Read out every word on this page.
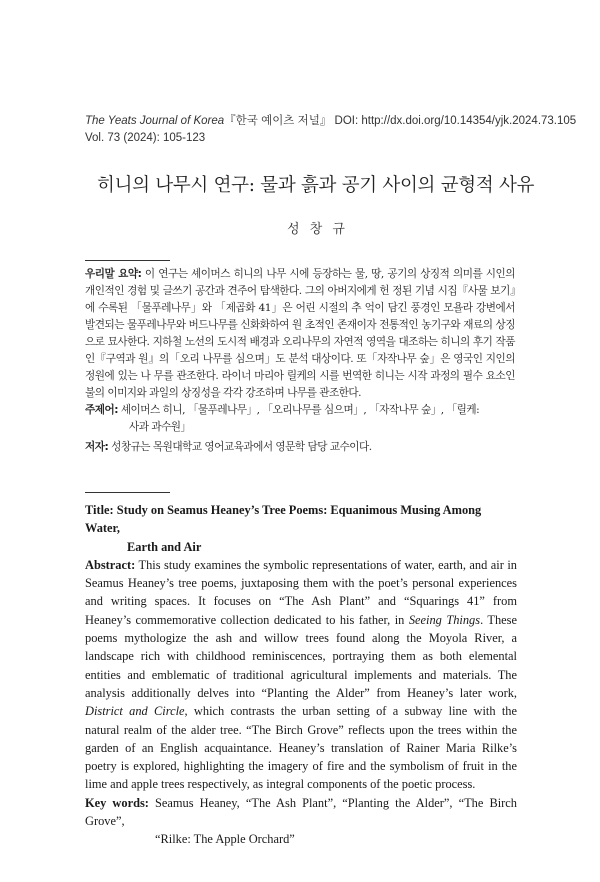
The Yeats Journal of Korea『한국 예이츠 저널』 DOI: http://dx.doi.org/10.14354/yjk.2024.73.105
Vol. 73 (2024): 105-123
히니의 나무시 연구: 물과 흙과 공기 사이의 균형적 사유
성 창 규

우리말 요약: 이 연구는 셰이머스 히니의 나무 시에 등장하는 물, 땅, 공기의 상징적 의미를 시인의 개인적인 경험 및 글쓰기 공간과 견주어 탐색한다. 그의 아버지에게 헌 정된 기념 시집『사물 보기』에 수록된 「물푸레나무」와 「제곱화 41」은 어린 시절의 추 억이 담긴 풍경인 모욜라 강변에서 발견되는 물푸레나무와 버드나무를 신화화하여 원 초적인 존재이자 전통적인 농기구와 재료의 상징으로 묘사한다. 지하철 노선의 도시적 배경과 오리나무의 자연적 영역을 대조하는 히니의 후기 작품인『구역과 원』의「오리 나무를 심으며」도 분석 대상이다. 또「자작나무 숲」은 영국인 지인의 정원에 있는 나 무를 관조한다. 라이너 마리아 릴케의 시를 번역한 히니는 시작 과정의 필수 요소인 불의 이미지와 과일의 상징성을 각각 강조하며 나무를 관조한다.

주제어: 셰이머스 히니, 「물푸레나무」, 「오리나무를 심으며」, 「자작나무 숲」, 「릴케:
사과 과수원」

저자: 성창규는 목원대학교 영어교육과에서 영문학 담당 교수이다.

Title: Study on Seamus Heaney’s Tree Poems: Equanimous Musing Among Water,
Earth and Air

Abstract: This study examines the symbolic representations of water, earth, and air in
Seamus Heaney’s tree poems, juxtaposing them with the poet’s personal experiences
and writing spaces. It focuses on “The Ash Plant” and “Squarings 41” from
Heaney’s commemorative collection dedicated to his father, in Seeing Things. These
poems mythologize the ash and willow trees found along the Moyola River, a
landscape rich with childhood reminiscences, portraying them as both elemental
entities and emblematic of traditional agricultural implements and materials. The
analysis additionally delves into “Planting the Alder” from Heaney’s later work,
District and Circle, which contrasts the urban setting of a subway line with the
natural realm of the alder tree. “The Birch Grove” reflects upon the trees within the
garden of an English acquaintance. Heaney’s translation of Rainer Maria Rilke’s
poetry is explored, highlighting the imagery of fire and the symbolism of fruit in the
lime and apple trees respectively, as integral components of the poetic process.

Key words: Seamus Heaney, “The Ash Plant”, “Planting the Alder”, “The Birch Grove”,
“Rilke: The Apple Orchard”
